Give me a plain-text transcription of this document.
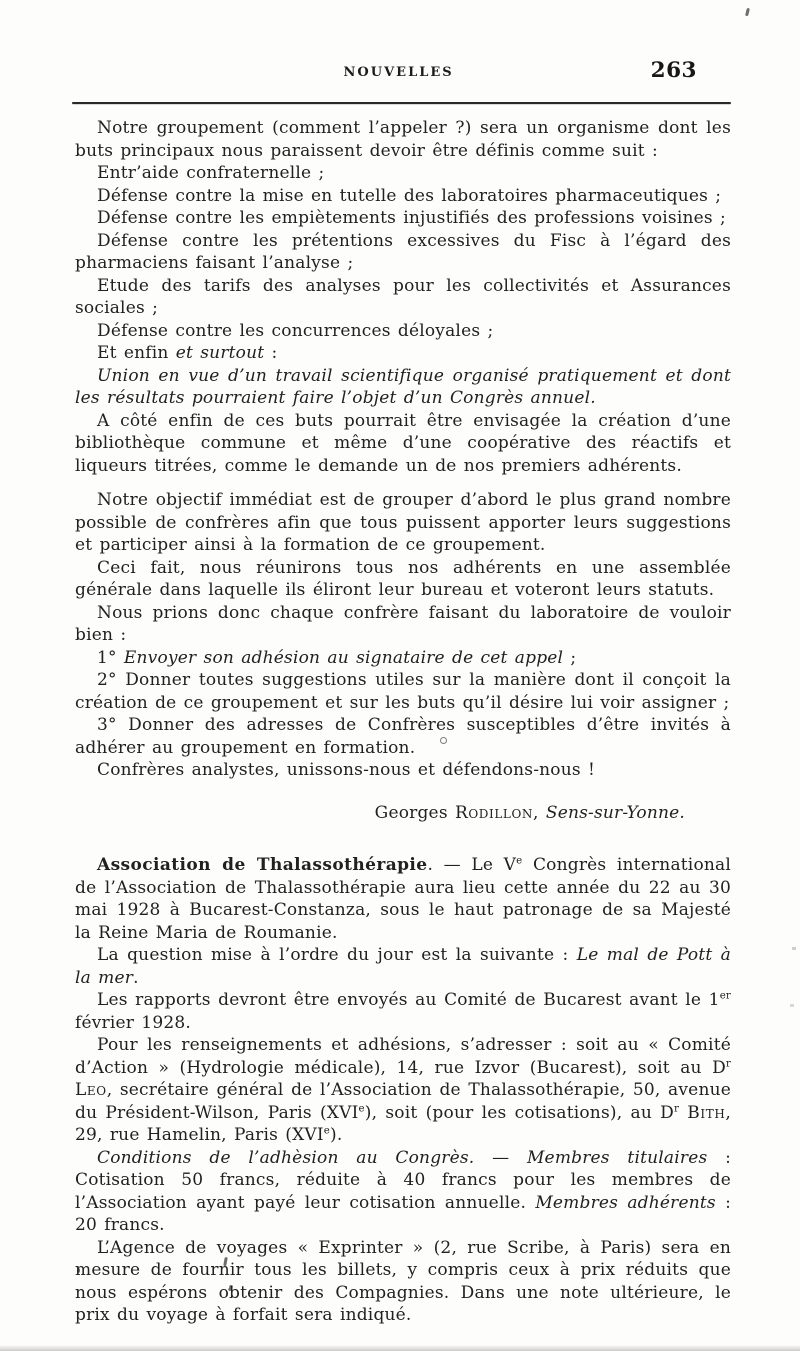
NOUVELLES	263

Notre groupement (comment l’appeler ?) sera un organisme dont les buts principaux nous paraissent devoir être définis comme suit :

Entr’aide confraternelle ;

Défense contre la mise en tutelle des laboratoires pharmaceutiques ;

Défense contre les empiètements injustifiés des professions voisines ;

Défense contre les prétentions excessives du Fisc à l’égard des pharmaciens faisant l’analyse ;

Etude des tarifs des analyses pour les collectivités et Assurances sociales ;

Défense contre les concurrences déloyales ;

Et enfin et surtout :

Union en vue d’un travail scientifique organisé pratiquement et dont les résultats pourraient faire l’objet d’un Congrès annuel.

A côté enfin de ces buts pourrait être envisagée la création d’une bibliothèque commune et même d’une coopérative des réactifs et liqueurs titrées, comme le demande un de nos premiers adhérents.

Notre objectif immédiat est de grouper d’abord le plus grand nombre possible de confrères afin que tous puissent apporter leurs suggestions et participer ainsi à la formation de ce groupement.

Ceci fait, nous réunirons tous nos adhérents en une assemblée générale dans laquelle ils éliront leur bureau et voteront leurs statuts.

Nous prions donc chaque confrère faisant du laboratoire de vouloir bien :

1° Envoyer son adhésion au signataire de cet appel ;

2° Donner toutes suggestions utiles sur la manière dont il conçoit la création de ce groupement et sur les buts qu’il désire lui voir assigner ;

3° Donner des adresses de Confrères susceptibles d’être invités à adhérer au groupement en formation.

Confrères analystes, unissons-nous et défendons-nous !

Georges Rodillon, Sens-sur-Yonne.

Association de Thalassothérapie. — Le Ve Congrès international de l’Association de Thalassothérapie aura lieu cette année du 22 au 30 mai 1928 à Bucarest-Constanza, sous le haut patronage de sa Majesté la Reine Maria de Roumanie.

La question mise à l’ordre du jour est la suivante : Le mal de Pott à la mer.

Les rapports devront être envoyés au Comité de Bucarest avant le 1er février 1928.

Pour les renseignements et adhésions, s’adresser : soit au « Comité d’Action » (Hydrologie médicale), 14, rue Izvor (Bucarest), soit au $D^r$ Leo, secrétaire général de l’Association de Thalassothérapie, 50, avenue du Président-Wilson, Paris (XVIe), soit (pour les cotisations), au $D^r$ Bith, 29, rue Hamelin, Paris (XVIe).

Conditions de l’adhèsion au Congrès. — Membres titulaires : Cotisation 50 francs, réduite à 40 francs pour les membres de l’Association ayant payé leur cotisation annuelle. Membres adhérents : 20 francs.

L’Agence de voyages « Exprinter » (2, rue Scribe, à Paris) sera en mesure de fournir tous les billets, y compris ceux à prix réduits que nous espérons obtenir des Compagnies. Dans une note ultérieure, le prix du voyage à forfait sera indiqué.
